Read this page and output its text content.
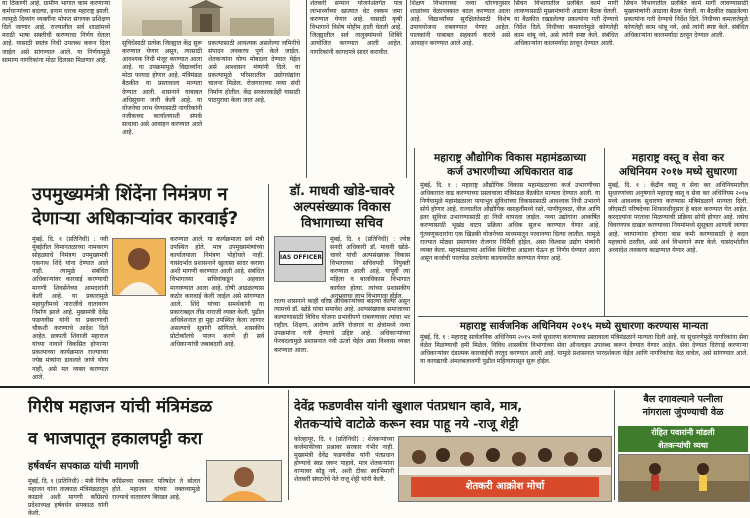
या ठिकाणी आहे. ग्रामीण भागात काम करणाऱ्या कर्मचाऱ्यांच्या बदल्या, इनाम धारक महाराष्ट्र झाली. त्यामुळे दिव्यांग व्यक्तींना मोफत संगणक प्रशिक्षण दिले जाणार आहे. राज्यातील सर्व शाळांमध्ये मराठी भाषा सक्तीची करण्याचा निर्णय घेतला आहे. यासाठी स्वतंत्र निधी उपलब्ध करून दिला जाईल असे सांगण्यात आले. या निर्णयामुळे सामान्य नागरिकांना मोठा दिलासा मिळणार आहे.
सुविधेसाठी प्रत्येक जिल्ह्यात केंद्र सुरू करण्यात येणार असून, त्यासाठी आवश्यक निधी मंजूर करण्यात आला आहे. या उपक्रमामुळे विद्यार्थ्यांना मोठा फायदा होणार आहे. मंत्रिमंडळ बैठकीत या प्रस्तावाला मान्यता देण्यात आली. शासनाने याबाबत अधिसूचना जारी केली आहे. या योजनेचा लाभ घेण्यासाठी नागरिकांनी नजीकच्या कार्यालयाशी संपर्क साधावा असे आवाहन करण्यात आले आहे.
प्रकल्पासाठी आवश्यक असलेल्या जमिनीचे संपादन लवकरच पूर्ण केले जाईल. शेतकऱ्यांना योग्य मोबदला देण्यात येईल असे आश्वासन मंत्र्यांनी दिले. या प्रकल्पामुळे परिसरातील उद्योगधंद्यांना चालना मिळेल. रोजगाराच्या नव्या संधी निर्माण होतील. केंद्र सरकारकडेही यासाठी पाठपुरावा केला जात आहे.
शेतकरी सन्मान योजनेअंतर्गत पात्र लाभार्थ्यांच्या खात्यात थेट रक्कम जमा करण्यात येणार आहे. यासाठी कृषी विभागाने विशेष मोहीम हाती घेतली आहे. जिल्ह्यातील सर्व तालुक्यांमध्ये शिबिरे आयोजित करण्यात आली आहेत. नागरिकांनी कागदपत्रे सादर करावीत.
शिक्षण विभागाच्या नव्या धोरणानुसार शाळांच्या वेळापत्रकात बदल करण्यात आला आहे. विद्यार्थ्यांच्या सुरक्षिततेसाठी विशेष उपाययोजना राबवण्यात येणार आहेत. पालकांनी याबाबत सहकार्य करावे असे आवाहन करण्यात आले आहे.
सिंचन विभागातील प्रलंबित कामे मार्गी लावण्यासाठी मुख्यमंत्र्यांनी आढावा बैठक घेतली. या बैठकीत रखडलेल्या प्रकल्पांना गती देण्याचे निर्देश दिले. निधीच्या कमतरतेमुळे कोणतेही काम थांबू नये, असे त्यांनी स्पष्ट केले. संबंधित अधिकाऱ्यांना कालमर्यादा ठरवून देण्यात आली.
सिंचन विभागातील प्रलंबित कामे मार्गी लावण्यासाठी मुख्यमंत्र्यांनी आढावा बैठक घेतली. या बैठकीत रखडलेल्या प्रकल्पांना गती देण्याचे निर्देश दिले. निधीच्या कमतरतेमुळे कोणतेही काम थांबू नये, असे त्यांनी स्पष्ट केले. संबंधित अधिकाऱ्यांना कालमर्यादा ठरवून देण्यात आली.
उपमुख्यमंत्री शिंदेंना निमंत्रण न
देणाऱ्या अधिकाऱ्यांवर कारवाई?
मुंबई, दि. १ (प्रतिनिधी) : नवी मुंबईतील विमानतळाच्या नामकरण सोहळ्याचे निमंत्रण उपमुख्यमंत्री एकनाथ शिंदे यांना देण्यात आले नाही. त्यामुळे संबंधित अधिकाऱ्यांवर कारवाई करण्याची मागणी शिवसेनेच्या आमदारांनी केली आहे. या प्रकारामुळे महायुतीमध्ये नाराजीचे वातावरण निर्माण झाले आहे. मुख्यमंत्री देवेंद्र फडणवीस यांनी या प्रकरणाची चौकशी करण्याचे आदेश दिले आहेत. छत्रपती शिवाजी महाराज यांच्या नावाने विकसित होणाऱ्या प्रकल्पाच्या कार्यक्रमात राज्याच्या ज्येष्ठ मंत्र्यांना डावलले जाणे योग्य नाही, असे मत व्यक्त करण्यात आले.
करण्यात आले. या कार्यक्रमाला सर्व मंत्री उपस्थित होते. मात्र उपमुख्यमंत्र्यांच्या कार्यालयाला निमंत्रण पोहोचले नाही. यासंदर्भात प्रशासनाने खुलासा सादर करावा अशी मागणी करण्यात आली आहे. संबंधित विभागाच्या सचिवांकडून अहवाल मागवण्यात आला आहे. दोषी आढळल्यास कठोर कारवाई केली जाईल असे सांगण्यात आले. शिंदे यांच्या समर्थकांनी या प्रकाराबद्दल तीव्र नाराजी व्यक्त केली. पुढील अधिवेशनात हा मुद्दा उपस्थित केला जाणार असल्याचे सूत्रांनी सांगितले. शासकीय प्रोटोकॉलचे पालन करणे ही सर्व अधिकाऱ्यांची जबाबदारी आहे.
डॉ. माधवी खोडे-चावरे
अल्पसंख्याक विकास
विभागाच्या सचिव
IAS OFFICER
मुंबई, दि. १ (प्रतिनिधी) : ज्येष्ठ सनदी अधिकारी डॉ. माधवी खोडे-चावरे यांची अल्पसंख्याक विकास विभागाच्या सचिवपदी नियुक्ती करण्यात आली आहे. यापूर्वी त्या महिला व बालविकास विभागात कार्यरत होत्या. त्यांच्या प्रशासकीय अनुभवाचा लाभ विभागाला होईल.
राज्य शासनाने काही वरिष्ठ अधिकाऱ्यांच्या बदल्या केल्या असून त्यामध्ये डॉ. खोडे यांचा समावेश आहे. अल्पसंख्याक समाजाच्या कल्याणासाठी विविध योजना प्रभावीपणे राबवण्यावर त्यांचा भर राहील. शिक्षण, आरोग्य आणि रोजगार या क्षेत्रांमध्ये नव्या उपक्रमांना गती देण्याचे उद्दिष्ट आहे. अधिकाऱ्यांच्या फेरबदलामुळे प्रशासनात नवी ऊर्जा येईल असा विश्वास व्यक्त करण्यात आला.
महाराष्ट्र औद्योगिक विकास महामंडळाच्या
कर्ज उभारणीच्या अधिकारात वाढ
मुंबई, दि. १ : महाराष्ट्र औद्योगिक विकास महामंडळाच्या कर्ज उभारणीच्या अधिकारात वाढ करण्याच्या प्रस्तावाला मंत्रिमंडळ बैठकीत मान्यता देण्यात आली. या निर्णयामुळे महामंडळाला पायाभूत सुविधांच्या विकासासाठी आवश्यक निधी उभारणे सोपे होणार आहे. राज्यातील औद्योगिक वसाहतींमध्ये रस्ते, पाणीपुरवठा, वीज आणि इतर सुविधा उभारण्यासाठी हा निधी वापरला जाईल. नव्या उद्योगांना आकर्षित करण्यासाठी भूखंड वाटप प्रक्रिया अधिक सुलभ करण्यात येणार आहे. गुंतवणूकदारांना एक खिडकी योजनेच्या माध्यमातून परवानग्या दिल्या जातील. यामुळे राज्यात मोठ्या प्रमाणावर रोजगार निर्मिती होईल, असा विश्वास उद्योग मंत्र्यांनी व्यक्त केला. महामंडळाच्या आर्थिक स्थितीचा आढावा घेऊन हा निर्णय घेण्यात आला असून कर्जाची परतफेड ठरलेल्या कालावधीत करण्यात येणार आहे.
महाराष्ट्र वस्तू व सेवा कर
अधिनियम २०१७ मध्ये सुधारणा
मुंबई, दि. १ : केंद्रीय वस्तू व सेवा कर अधिनियमातील सुधारणांच्या अनुषंगाने महाराष्ट्र वस्तू व सेवा कर अधिनियम २०१७ मध्ये आवश्यक सुधारणा करण्यास मंत्रिमंडळाने मान्यता दिली. जीएसटी परिषदेच्या शिफारशीनुसार हे बदल करण्यात येत आहेत. करदात्यांना परतावा मिळण्याची प्रक्रिया सोपी होणार आहे. तसेच विवरणपत्र दाखल करण्याच्या नियमांमध्ये सुसूत्रता आणली जाणार आहे. व्यापाऱ्यांना होणारा त्रास कमी करण्यासाठी हे बदल महत्त्वाचे ठरतील, असे अर्थ विभागाने स्पष्ट केले. यासंदर्भातील अध्यादेश लवकरच काढण्यात येणार आहे.
महाराष्ट्र सार्वजनिक अधिनियम २०१५ मध्ये सुधारणा करण्यास मान्यता
मुंबई, दि. १ : महाराष्ट्र सार्वजनिक अधिनियम २०१५ मध्ये सुधारणा करण्याच्या प्रस्तावाला मंत्रिमंडळाने मान्यता दिली आहे. या सुधारणेमुळे नागरिकांना सेवा वेळेत मिळण्याची हमी मिळेल. विविध शासकीय विभागांच्या सेवा ऑनलाइन उपलब्ध करून देण्यात येणार आहेत. सेवा देण्यात दिरंगाई करणाऱ्या अधिकाऱ्यांवर दंडात्मक कारवाईची तरतूद करण्यात आली आहे. यामुळे प्रशासनात पारदर्शकता येईल आणि नागरिकांचा वेळ वाचेल, असे सांगण्यात आले. या कायद्याची अंमलबजावणी पुढील महिन्यापासून सुरू होईल.
गिरीष महाजन यांची मंत्रिमंडळ
व भाजपातून हकालपट्टी करा
हर्षवर्धन सपकाळ यांची मागणी
मुंबई, दि. १ (प्रतिनिधी) : मंत्री गिरीष महाजन यांना तात्काळ मंत्रिमंडळातून काढावे अशी मागणी काँग्रेसचे प्रदेशाध्यक्ष हर्षवर्धन सपकाळ यांनी केली.
काँग्रेसच्या पत्रकार परिषदेत ते बोलत होते. महाजन यांच्या वक्तव्यामुळे राज्याचे वातावरण बिघडत आहे.
देवेंद्र फडणवीस यांनी खुशाल पंतप्रधान व्हावे, मात्र,
शेतकऱ्यांचे वाटोळे करून स्वप्न पाहू नये -राजू शेट्टी
कोल्हापूर, दि. १ (प्रतिनिधी) : शेतकऱ्यांच्या कर्जमाफीच्या प्रश्नावर सरकार गंभीर नाही. मुख्यमंत्री देवेंद्र फडणवीस यांनी पंतप्रधान होण्याचे स्वप्न जरूर पाहावे, मात्र शेतकऱ्यांना वाऱ्यावर सोडू नये, अशी टीका स्वाभिमानी शेतकरी संघटनेचे नेते राजू शेट्टी यांनी केली.
शेतकरी आक्रोश मोर्चा
बैल दगावल्याने पत्नीला
नांगराला जुंपण्याची वेळ
रोहित पवारांनी मांडली
शेतकऱ्यांची व्यथा
